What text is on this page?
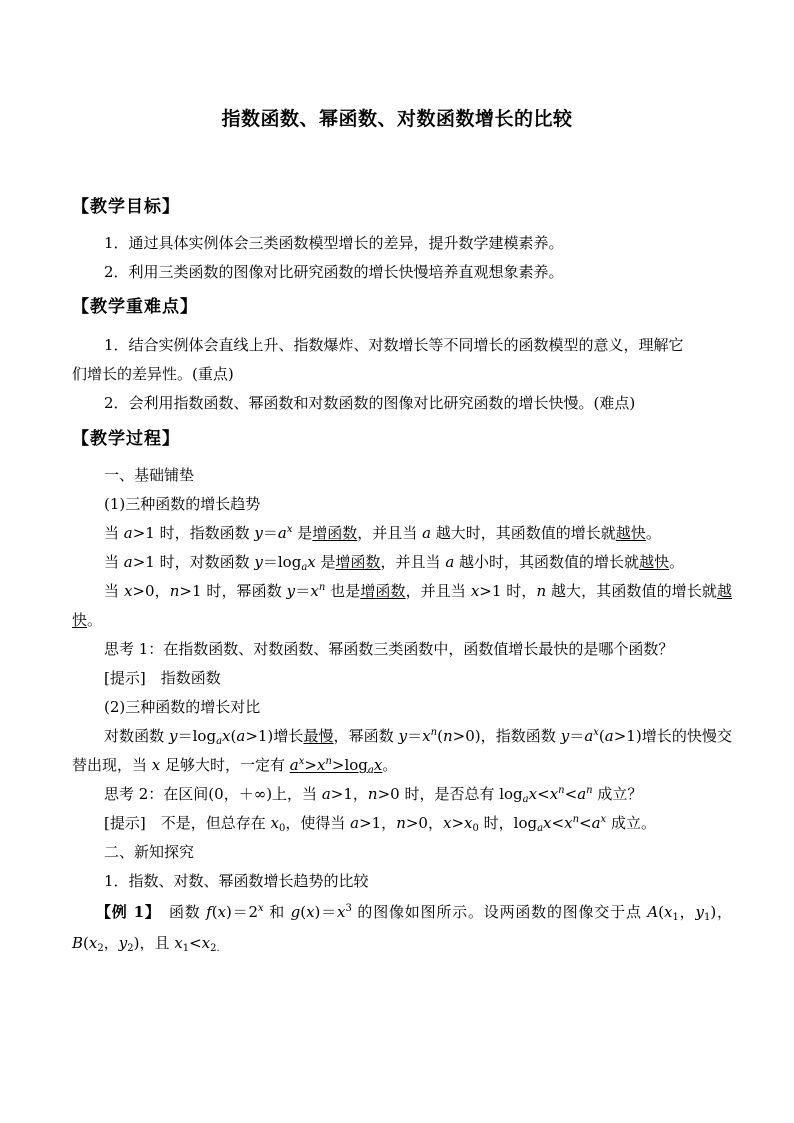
指数函数、幂函数、对数函数增长的比较
【教学目标】
1．通过具体实例体会三类函数模型增长的差异，提升数学建模素养。
2．利用三类函数的图像对比研究函数的增长快慢培养直观想象素养。
【教学重难点】
1．结合实例体会直线上升、指数爆炸、对数增长等不同增长的函数模型的意义，理解它
们增长的差异性。(重点)
2．会利用指数函数、幂函数和对数函数的图像对比研究函数的增长快慢。(难点)
【教学过程】
一、基础铺垫
(1)三种函数的增长趋势
当 a>1 时，指数函数 $y=a^x$ 是增函数，并且当 a 越大时，其函数值的增长就越快。
当 a>1 时，对数函数 $y=\log_ax$ 是增函数，并且当 a 越小时，其函数值的增长就越快。
当 x>0，n>1 时，幂函数 $y=x^n$ 也是增函数，并且当 x>1 时，n 越大，其函数值的增长就越
快。
思考 1：在指数函数、对数函数、幂函数三类函数中，函数值增长最快的是哪个函数？
[提示]　指数函数
(2)三种函数的增长对比
对数函数 $y=\log_ax(a>1)$增长最慢，幂函数 $y=x^n(n>0)$，指数函数 $y=a^x(a>1)$增长的快慢交
替出现，当 x 足够大时，一定有 $a^x>x^n>\log_ax$。
思考 2：在区间(0，＋∞)上，当 a>1，n>0 时，是否总有 $\log_ax<x^n<a^n$ 成立？
[提示]　不是，但总存在 $x_0$，使得当 a>1，n>0，$x>x_0$ 时，$\log_ax<x^n<a^x$ 成立。
二、新知探究
1．指数、对数、幂函数增长趋势的比较
【例 1】　函数 $f(x)=2^x$ 和 $g(x)=x^3$ 的图像如图所示。设两函数的图像交于点 $A(x_1$，$y_1$)，
$B(x_2$，$y_2$)，且 $x_1<x_{2.}$
